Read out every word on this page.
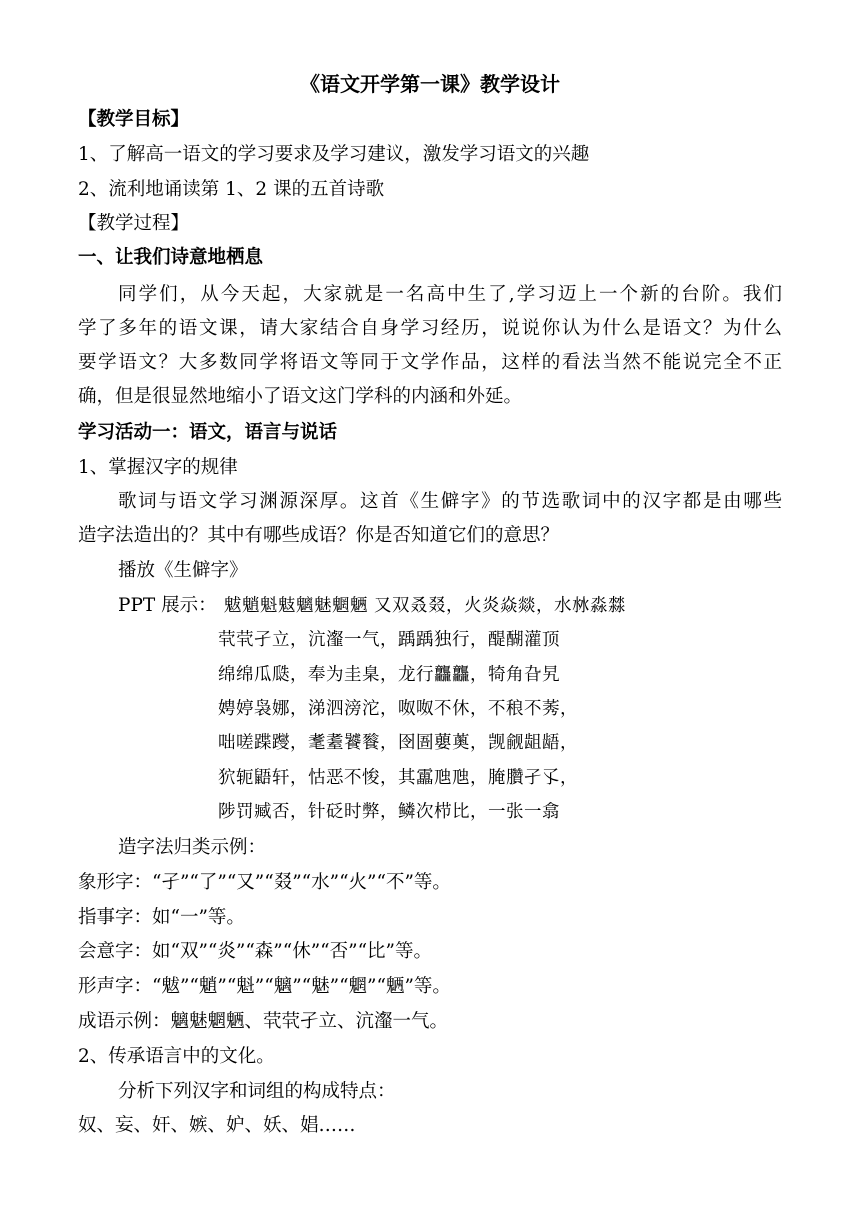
《语文开学第一课》教学设计
【教学目标】
1、了解高一语文的学习要求及学习建议，激发学习语文的兴趣
2、流利地诵读第 1、2 课的五首诗歌
【教学过程】
一、让我们诗意地栖息
同学们，从今天起，大家就是一名高中生了,学习迈上一个新的台阶。我们
学了多年的语文课，请大家结合自身学习经历，说说你认为什么是语文？为什么
要学语文？大多数同学将语文等同于文学作品，这样的看法当然不能说完全不正
确，但是很显然地缩小了语文这门学科的内涵和外延。
学习活动一：语文，语言与说话
1、掌握汉字的规律
歌词与语文学习渊源深厚。这首《生僻字》的节选歌词中的汉字都是由哪些
造字法造出的？其中有哪些成语？你是否知道它们的意思？
播放《生僻字》
PPT 展示： 魃魈魁鬾魑魅魍魉 又双叒叕，火炎焱燚，水沝淼㵘
茕茕孑立，沆瀣一气，踽踽独行，醍醐灌顶
绵绵瓜瓞，奉为圭臬，龙行龘龘，犄角旮旯
娉婷袅娜，涕泗滂沱，呶呶不休，不稂不莠，
咄嗟蹀躞，耄耋饕餮，囹圄蘡薁，觊觎龃龉，
狖轭鼯轩，怙恶不悛，其靁虺虺，腌臢孑孓，
陟罚臧否，针砭时弊，鳞次栉比，一张一翕
造字法归类示例：
象形字：“孑”“了”“又”“叕”“水”“火”“不”等。
指事字：如“一”等。
会意字：如“双”“炎”“森”“休”“否”“比”等。
形声字：“魃”“魈”“魁”“魑”“魅”“魍”“魉”等。
成语示例：魑魅魍魉、茕茕孑立、沆瀣一气。
2、传承语言中的文化。
分析下列汉字和词组的构成特点：
奴、妄、奸、嫉、妒、妖、娼……
